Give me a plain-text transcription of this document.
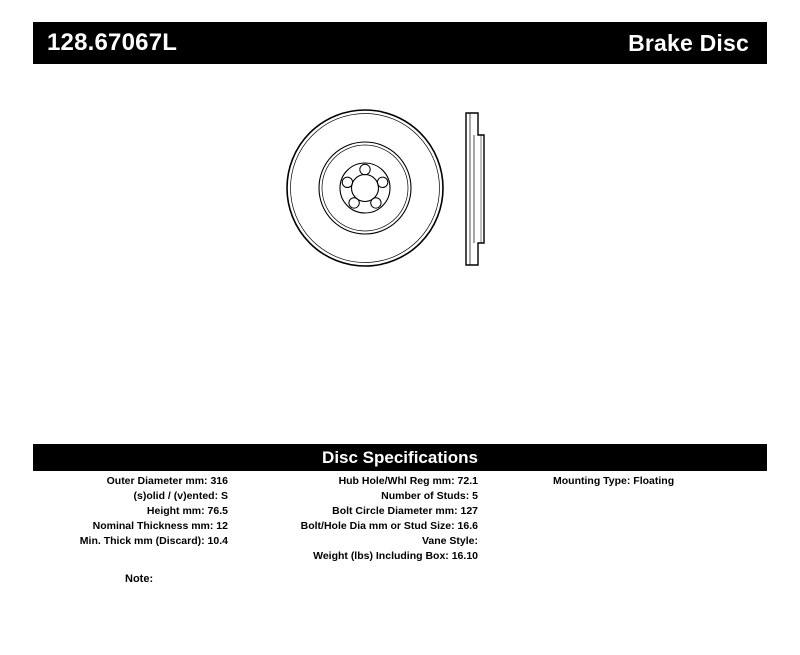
128.67067L	Brake Disc
Disc Specifications
Outer Diameter mm: 316
(s)olid / (v)ented: S
Height mm: 76.5
Nominal Thickness mm: 12
Min. Thick mm (Discard): 10.4
Hub Hole/Whl Reg mm: 72.1
Number of Studs: 5
Bolt Circle Diameter mm: 127
Bolt/Hole Dia mm or Stud Size: 16.6
Vane Style:
Weight (lbs) Including Box: 16.10
Mounting Type: Floating
Note:
